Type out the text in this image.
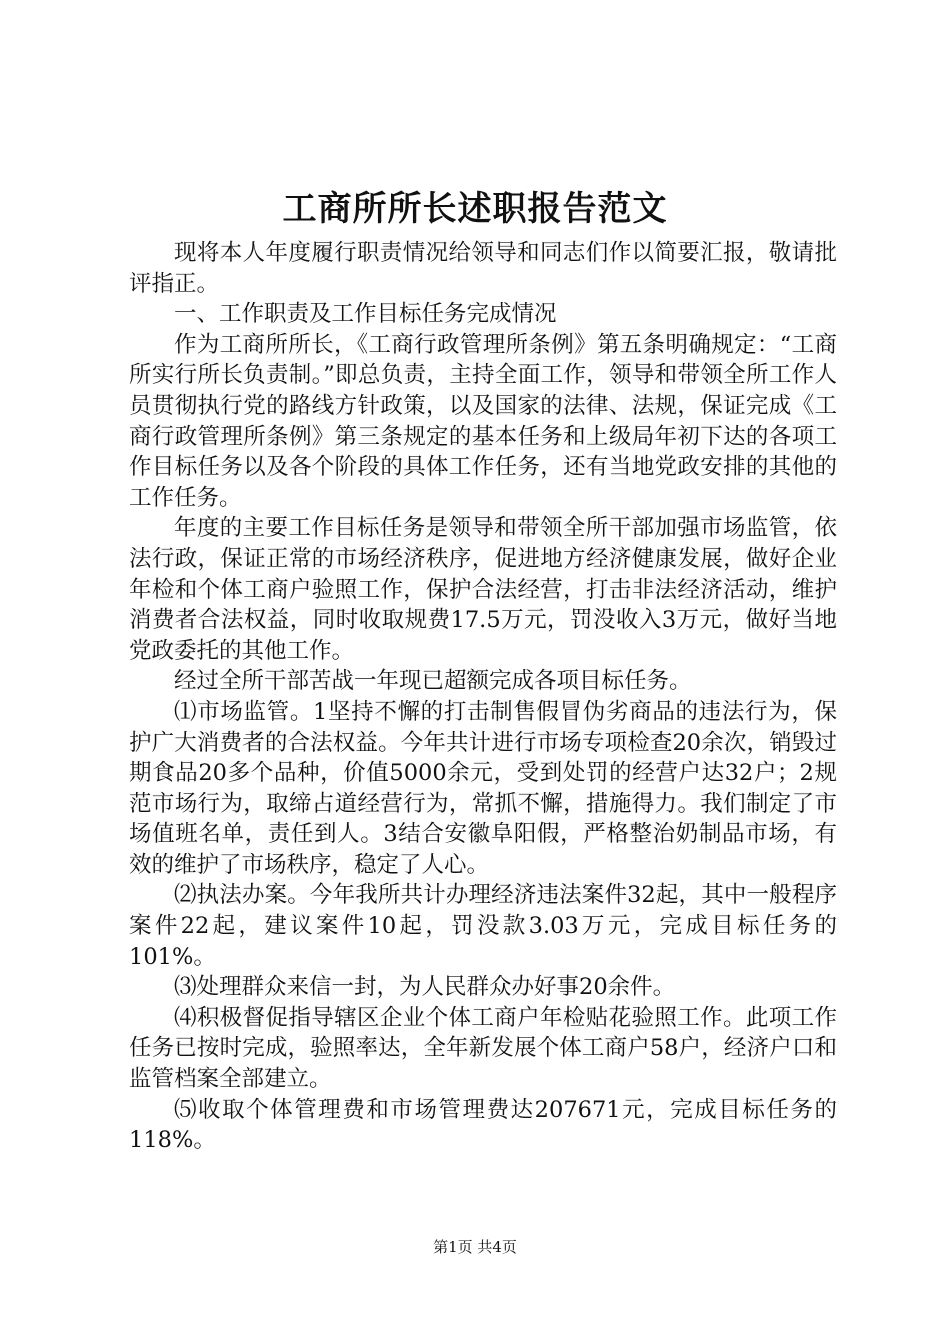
工商所所长述职报告范文

现将本人年度履行职责情况给领导和同志们作以简要汇报，敬请批评指正。

一、工作职责及工作目标任务完成情况

作为工商所所长，《工商行政管理所条例》第五条明确规定：“工商所实行所长负责制。”即总负责，主持全面工作，领导和带领全所工作人员贯彻执行党的路线方针政策，以及国家的法律、法规，保证完成《工商行政管理所条例》第三条规定的基本任务和上级局年初下达的各项工作目标任务以及各个阶段的具体工作任务，还有当地党政安排的其他的工作任务。

年度的主要工作目标任务是领导和带领全所干部加强市场监管，依法行政，保证正常的市场经济秩序，促进地方经济健康发展，做好企业年检和个体工商户验照工作，保护合法经营，打击非法经济活动，维护消费者合法权益，同时收取规费17.5万元，罚没收入3万元，做好当地党政委托的其他工作。

经过全所干部苦战一年现已超额完成各项目标任务。

⑴市场监管。1坚持不懈的打击制售假冒伪劣商品的违法行为，保护广大消费者的合法权益。今年共计进行市场专项检查20余次，销毁过期食品20多个品种，价值5000余元，受到处罚的经营户达32户；2规范市场行为，取缔占道经营行为，常抓不懈，措施得力。我们制定了市场值班名单，责任到人。3结合安徽阜阳假，严格整治奶制品市场，有效的维护了市场秩序，稳定了人心。

⑵执法办案。今年我所共计办理经济违法案件32起，其中一般程序案件22起，建议案件10起，罚没款3.03万元，完成目标任务的101%。

⑶处理群众来信一封，为人民群众办好事20余件。

⑷积极督促指导辖区企业个体工商户年检贴花验照工作。此项工作任务已按时完成，验照率达，全年新发展个体工商户58户，经济户口和监管档案全部建立。

⑸收取个体管理费和市场管理费达207671元，完成目标任务的118%。

第1页 共4页
